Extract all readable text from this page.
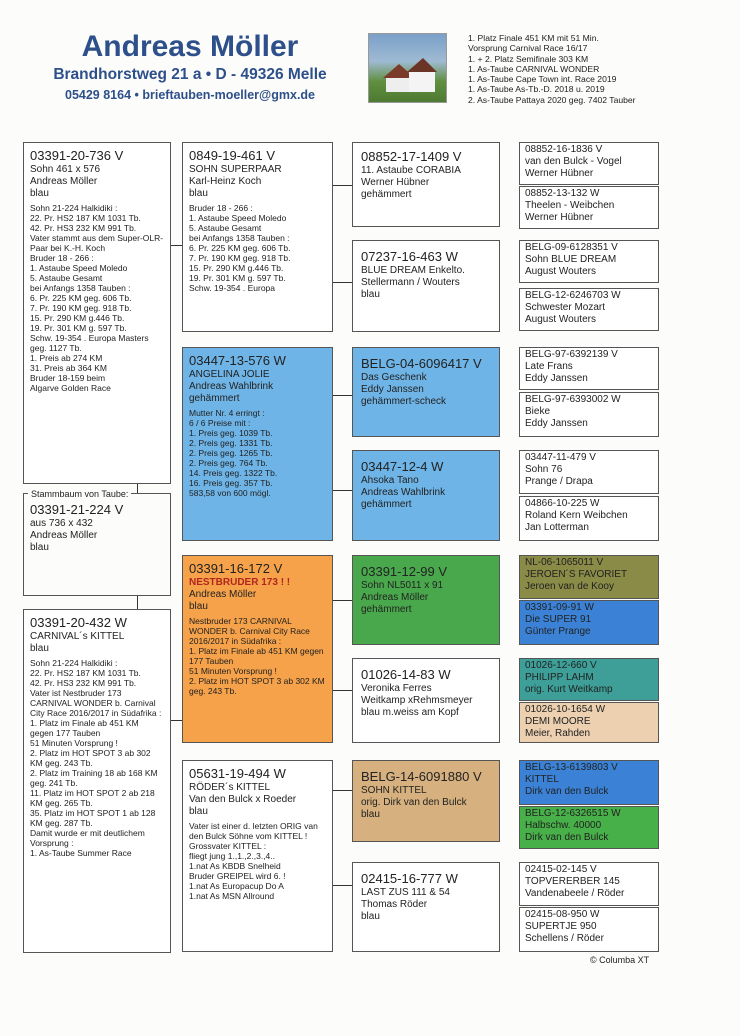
Andreas Möller
Brandhorstweg 21 a • D - 49326 Melle
05429 8164 • brieftauben-moeller@gmx.de
1. Platz Finale 451 KM mit 51 Min.
Vorsprung Carnival Race 16/17
1. + 2. Platz Semifinale 303 KM
1. As-Taube CARNIVAL WONDER
1. As-Taube Cape Town int. Race 2019
1. As-Taube As-Tb.-D. 2018 u. 2019
2. As-Taube Pattaya 2020 geg. 7402 Tauber

03391-20-736 V

Sohn 461 x 576

Andreas Möller

blau

Sohn 21-224 Halkidiki :
22. Pr. HS2 187 KM 1031 Tb.
42. Pr. HS3 232 KM 991 Tb.
Vater stammt aus dem Super-OLR-Paar bei K.-H. Koch
Bruder 18 - 266 :
1. Astaube Speed Moledo
5. Astaube Gesamt
bei Anfangs 1358 Tauben :
6. Pr. 225 KM geg. 606 Tb.
7. Pr. 190 KM geg. 918 Tb.
15. Pr. 290 KM g.446 Tb.
19. Pr. 301 KM g. 597 Tb.
Schw. 19-354 . Europa Masters geg. 1127 Tb.
1. Preis ab 274 KM
31. Preis ab 364 KM
Bruder 18-159 beim
Algarve Golden Race
Stammbaum von Taube:

03391-21-224 V

aus 736 x 432

Andreas Möller

blau

03391-20-432 W

CARNIVAL´s KITTEL

blau

Sohn 21-224 Halkidiki :
22. Pr. HS2 187 KM 1031 Tb.
42. Pr. HS3 232 KM 991 Tb.
Vater ist Nestbruder 173 CARNIVAL WONDER b. Carnival City Race 2016/2017 in Südafrika :
1. Platz im Finale ab 451 KM gegen 177 Tauben
51 Minuten Vorsprung !
2. Platz im HOT SPOT 3 ab 302 KM geg. 243 Tb.
2. Platz im Training 18 ab 168 KM geg. 241 Tb.
11. Platz im HOT SPOT 2 ab 218 KM geg. 265 Tb.
35. Platz im HOT SPOT 1 ab 128 KM geg. 287 Tb.
Damit wurde er mit deutlichem Vorsprung :
1. As-Taube Summer Race

0849-19-461 V

SOHN SUPERPAAR

Karl-Heinz Koch

blau

Bruder 18 - 266 :
1. Astaube Speed Moledo
5. Astaube Gesamt
bei Anfangs 1358 Tauben :
6. Pr. 225 KM geg. 606 Tb.
7. Pr. 190 KM geg. 918 Tb.
15. Pr. 290 KM g.446 Tb.
19. Pr. 301 KM g. 597 Tb.
Schw. 19-354 . Europa

03447-13-576 W

ANGELINA JOLIE

Andreas Wahlbrink

gehämmert

Mutter Nr. 4 erringt :
6 / 6 Preise mit :
1. Preis geg. 1039 Tb.
2. Preis geg. 1331 Tb.
2. Preis geg. 1265 Tb.
2. Preis geg. 764 Tb.
14. Preis geg. 1322 Tb.
16. Preis geg. 357 Tb.
583,58 von 600 mögl.

03391-16-172 V

NESTBRUDER 173 ! !

Andreas Möller

blau

Nestbruder 173 CARNIVAL WONDER b. Carnival City Race 2016/2017 in Südafrika :
1. Platz im Finale ab 451 KM gegen 177 Tauben
51 Minuten Vorsprung !
2. Platz im HOT SPOT 3 ab 302 KM geg. 243 Tb.

05631-19-494 W

RÖDER´s KITTEL

Van den Bulck x Roeder

blau

Vater ist einer d. letzten ORIG van den Bulck Söhne vom KITTEL !
Grossvater KITTEL :
fliegt jung 1.,1.,2.,3.,4..
1.nat As KBDB Snelheid
Bruder GREIPEL wird 6. !
1.nat As Europacup Do A
1.nat As MSN Allround

08852-17-1409 V

11. Astaube CORABIA

Werner Hübner

gehämmert

07237-16-463 W

BLUE DREAM Enkeltо.

Stellermann / Wouters

blau

BELG-04-6096417 V

Das Geschenk

Eddy Janssen

gehämmert-scheck

03447-12-4 W

Ahsoka Tano

Andreas Wahlbrink

gehämmert

03391-12-99 V

Sohn NL5011 x 91

Andreas Möller

gehämmert

01026-14-83 W

Veronika Ferres

Weitkamp xRehmsmeyer

blau m.weiss am Kopf

BELG-14-6091880 V

SOHN KITTEL

orig. Dirk van den Bulck

blau

02415-16-777 W

LAST ZUS 111 & 54

Thomas Röder

blau

08852-16-1836 V

van den Bulck - Vogel

Werner Hübner

08852-13-132 W

Theelen - Weibchen

Werner Hübner

BELG-09-6128351 V

Sohn BLUE DREAM

August Wouters

BELG-12-6246703 W

Schwester Mozart

August Wouters

BELG-97-6392139 V

Late Frans

Eddy Janssen

BELG-97-6393002 W

Bieke

Eddy Janssen

03447-11-479 V

Sohn 76

Prange / Drapa

04866-10-225 W

Roland Kern Weibchen

Jan Lotterman

NL-06-1065011 V

JEROEN´S FAVORIET

Jeroen van de Kooy

03391-09-91 W

Die SUPER 91

Günter Prange

01026-12-660 V

PHILIPP LAHM

orig. Kurt Weitkamp

01026-10-1654 W

DEMI MOORE

Meier, Rahden

BELG-13-6139803 V

KITTEL

Dirk van den Bulck

BELG-12-6326515 W

Halbschw. 40000

Dirk van den Bulck

02415-02-145 V

TOPVERERBER 145

Vandenabeele / Röder

02415-08-950 W

SUPERTJE 950

Schellens / Röder

© Columba XT
